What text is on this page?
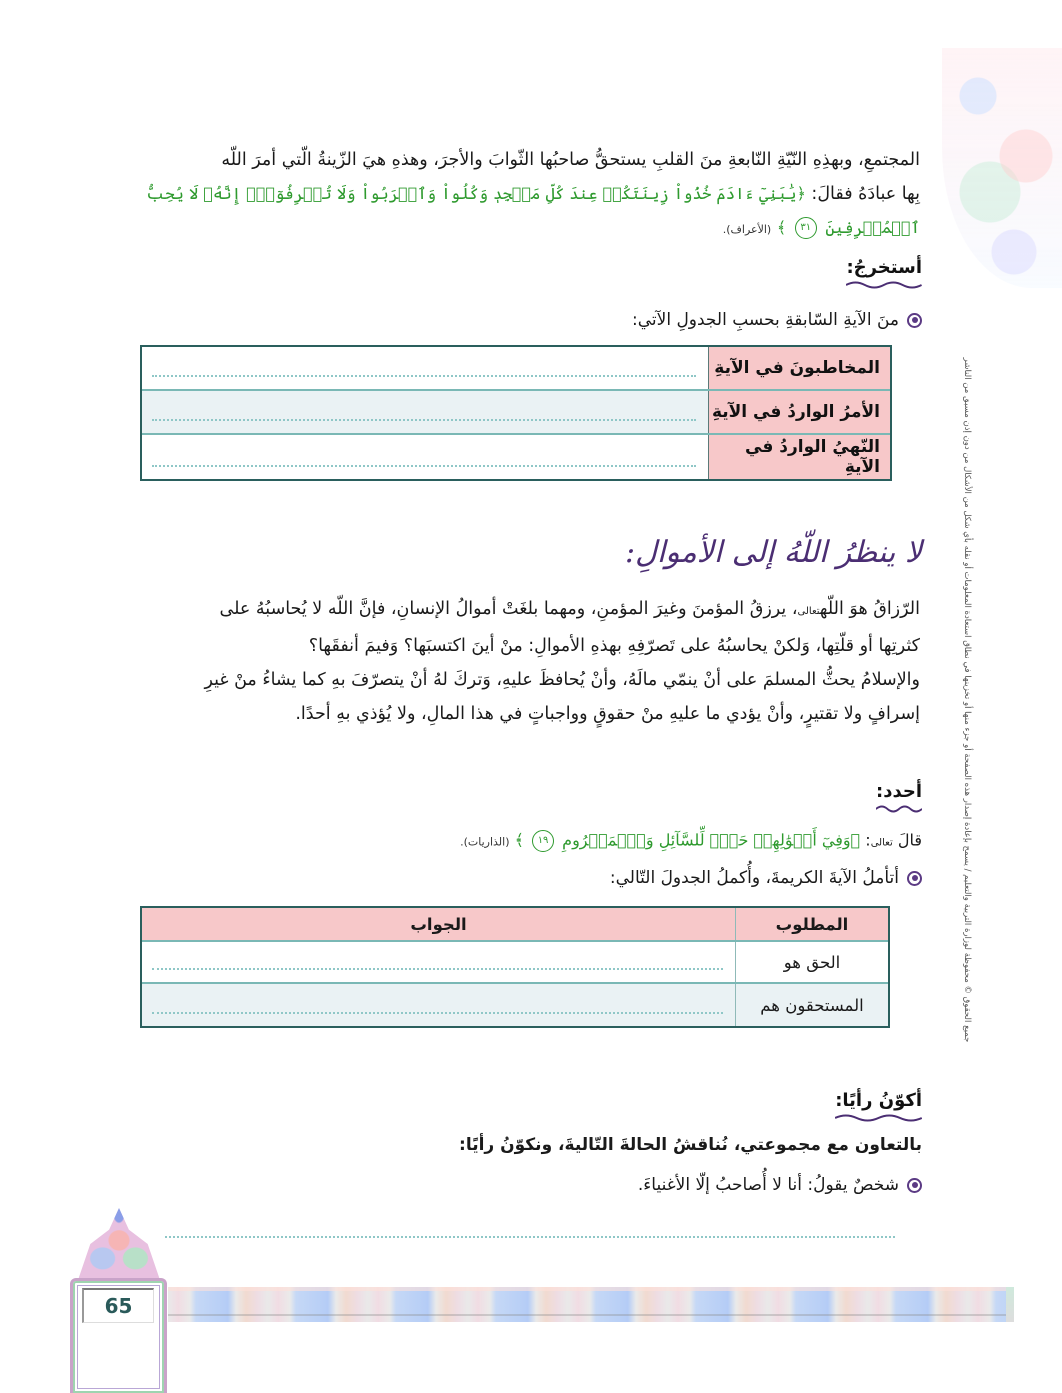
المجتمعِ، وبهذِهِ النّيّةِ النّابعةِ منَ القلبِ يستحقُّ صاحبُها الثّوابَ والأجرَ، وهذهِ هيَ الزّينةُ الّتي أمرَ اللّه
بِها عبادَهُ فقالَ: ﴿يَٰبَنِيٓ ءَادَمَ خُذُواْ زِينَتَكُمۡ عِندَ كُلِّ مَسۡجِدٖ وَكُلُواْ وَٱشۡرَبُواْ وَلَا تُسۡرِفُوٓاْۚ إِنَّهُۥ لَا يُحِبُّ ٱلۡمُسۡرِفِينَ ٣١ ﴾ (الأعراف).
أستخرجُ:
منَ الآيةِ السّابقةِ بحسبِ الجدولِ الآتي:
المخاطبونَ في الآيةِ
الأمرُ الواردُ في الآيةِ
النّهيُ الواردُ في الآيةِ
لا ينظرُ اللّهُ إلى الأموالِ:
الرّزاقُ هوَ اللّهتعالى، يرزقُ المؤمنَ وغيرَ المؤمنِ، ومهما بلغَتْ أموالُ الإنسانِ، فإنَّ اللّه لا يُحاسبُهُ على
كثرتِها أو قلّتِها، وَلكنْ يحاسبُهُ على تَصرّفِهِ بهذهِ الأموالِ: منْ أينَ اكتسبَها؟ وَفيمَ أنفقَها؟
والإسلامُ يحثُّ المسلمَ على أنْ ينمّي مالَهُ، وأنْ يُحافظَ عليهِ، وَتركَ لهُ أنْ يتصرّفَ بهِ كما يشاءُ منْ غيرِ
إسرافٍ ولا تقتيرٍ، وأنْ يؤدي ما عليهِ منْ حقوقٍ وواجباتٍ في هذا المالِ، ولا يُؤذي بهِ أحدًا.
أحدد:
قالَ تعالى: ﴿وَفِيٓ أَمۡوَٰلِهِمۡ حَقّٞ لِّلسَّآئِلِ وَٱلۡمَحۡرُومِ ١٩ ﴾ (الذاريات).
أتأملُ الآيةَ الكريمةَ، وأُكملُ الجدولَ التّالي:
المطلوب
الجواب
الحق هو
المستحقون هم
أكوّنُ رأيًا:
بالتعاون مع مجموعتي، نُناقشُ الحالةَ التّاليةَ، ونكوّنُ رأيًا:
شخصٌ يقولُ: أنا لا أُصاحبُ إلّا الأغنياءَ.
جميع الحقوق © محفوظة لوزارة التربية والتعليم / يسمح بإعادة إصدار هذه الصفحة أو جزء منها أو تخزينها في نطاق استعادة المعلومات أو نقله بأي شكل من الأشكال من دون إذن مسبق من الناشر
65
